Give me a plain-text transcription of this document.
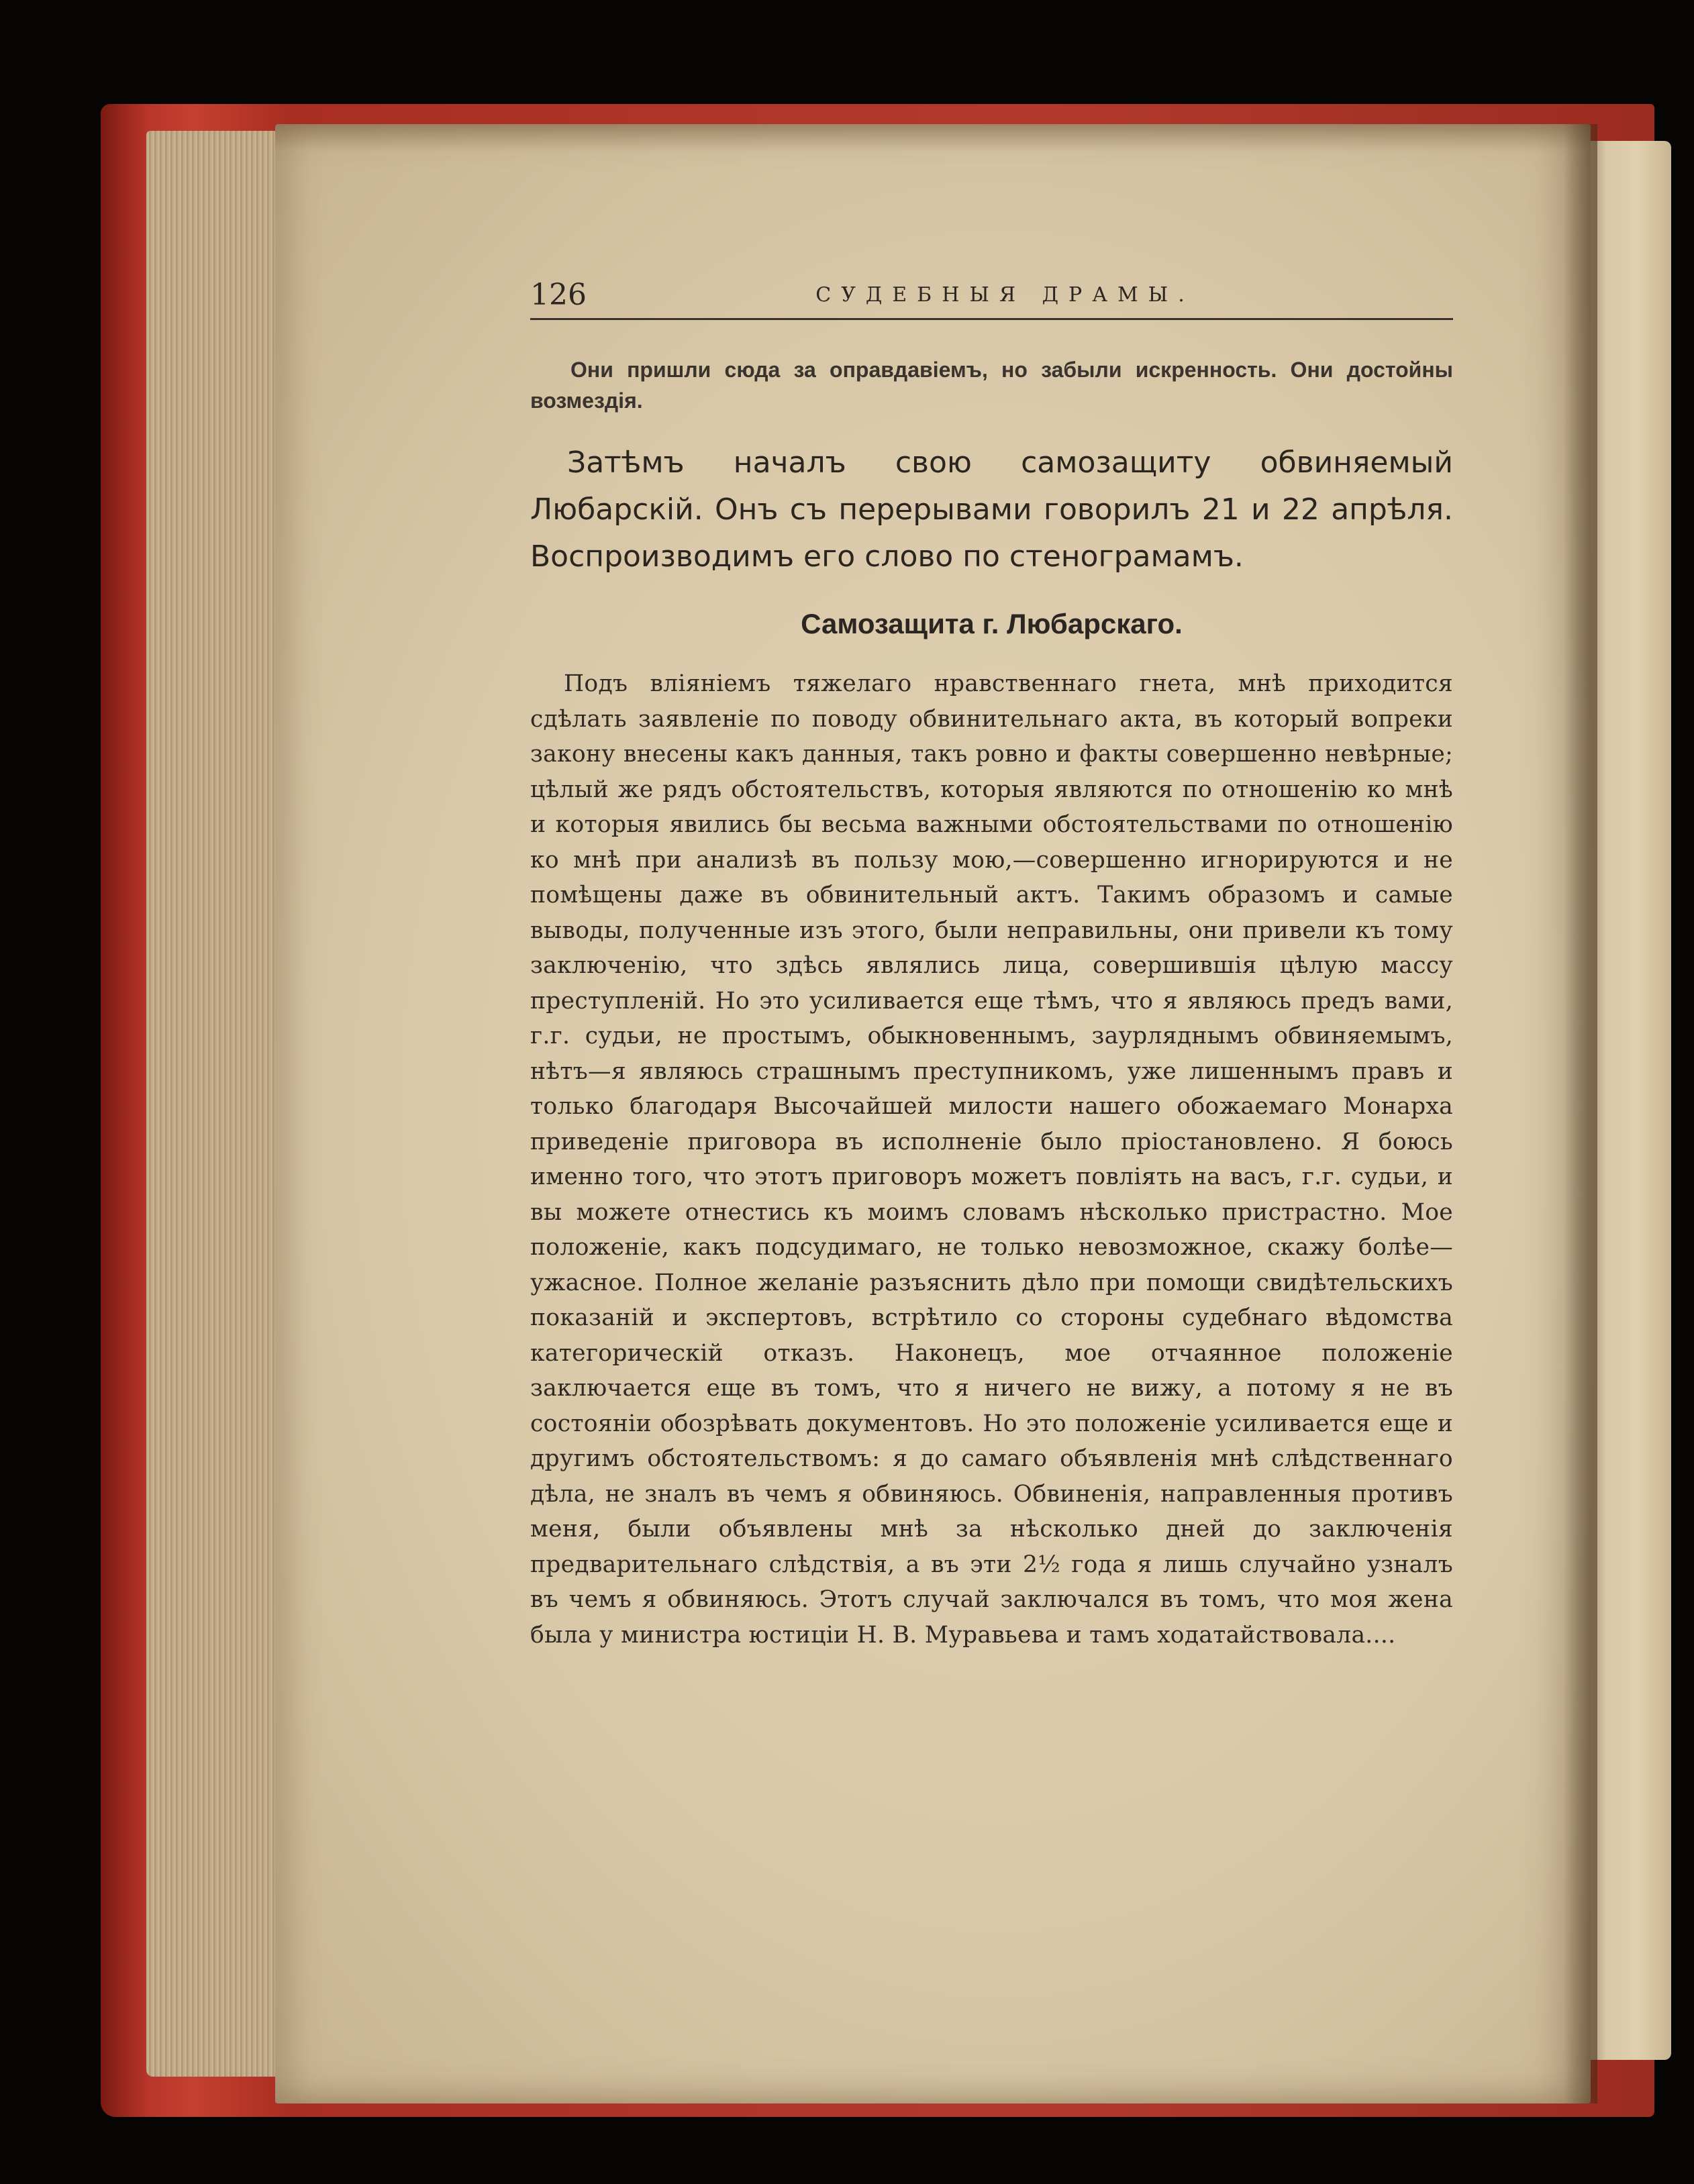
126	СУДЕБНЫЯ ДРАМЫ.

Они пришли сюда за оправдавіемъ, но забыли искренность. Они достойны возмездія.

Затѣмъ началъ свою самозащиту обвиняемый Любарскій. Онъ съ перерывами говорилъ 21 и 22 апрѣля. Воспроизводимъ его слово по стенограмамъ.

Самозащита г. Любарскаго.

Подъ вліяніемъ тяжелаго нравственнаго гнета, мнѣ приходится сдѣлать заявленіе по поводу обвинительнаго акта, въ который вопреки закону внесены какъ данныя, такъ ровно и факты совершенно невѣрные; цѣлый же рядъ обстоятельствъ, которыя являются по отношенію ко мнѣ и которыя явились бы весьма важными обстоятельствами по отношенію ко мнѣ при анализѣ въ пользу мою,—совершенно игнорируются и не помѣщены даже въ обвинительный актъ. Такимъ образомъ и самые выводы, полученные изъ этого, были неправильны, они привели къ тому заключенію, что здѣсь являлись лица, совершившія цѣлую массу преступленій. Но это усиливается еще тѣмъ, что я являюсь предъ вами, г.г. судьи, не простымъ, обыкновеннымъ, заурляднымъ обвиняемымъ, нѣтъ—я являюсь страшнымъ преступникомъ, уже лишеннымъ правъ и только благодаря Высочайшей милости нашего обожаемаго Монарха приведеніе приговора въ исполненіе было пріостановлено. Я боюсь именно того, что этотъ приговоръ можетъ повліять на васъ, г.г. судьи, и вы можете отнестись къ моимъ словамъ нѣсколько пристрастно. Мое положеніе, какъ подсудимаго, не только невозможное, скажу болѣе—ужасное. Полное желаніе разъяснить дѣло при помощи свидѣтельскихъ показаній и экспертовъ, встрѣтило со стороны судебнаго вѣдомства категорическій отказъ. Наконецъ, мое отчаянное положеніе заключается еще въ томъ, что я ничего не вижу, а потому я не въ состояніи обозрѣвать документовъ. Но это положеніе усиливается еще и другимъ обстоятельствомъ: я до самаго объявленія мнѣ слѣдственнаго дѣла, не зналъ въ чемъ я обвиняюсь. Обвиненія, направленныя противъ меня, были объявлены мнѣ за нѣсколько дней до заключенія предварительнаго слѣдствія, а въ эти 2½ года я лишь случайно узналъ въ чемъ я обвиняюсь. Этотъ случай заключался въ томъ, что моя жена была у министра юстиціи Н. В. Муравьева и тамъ ходатайствовала....
